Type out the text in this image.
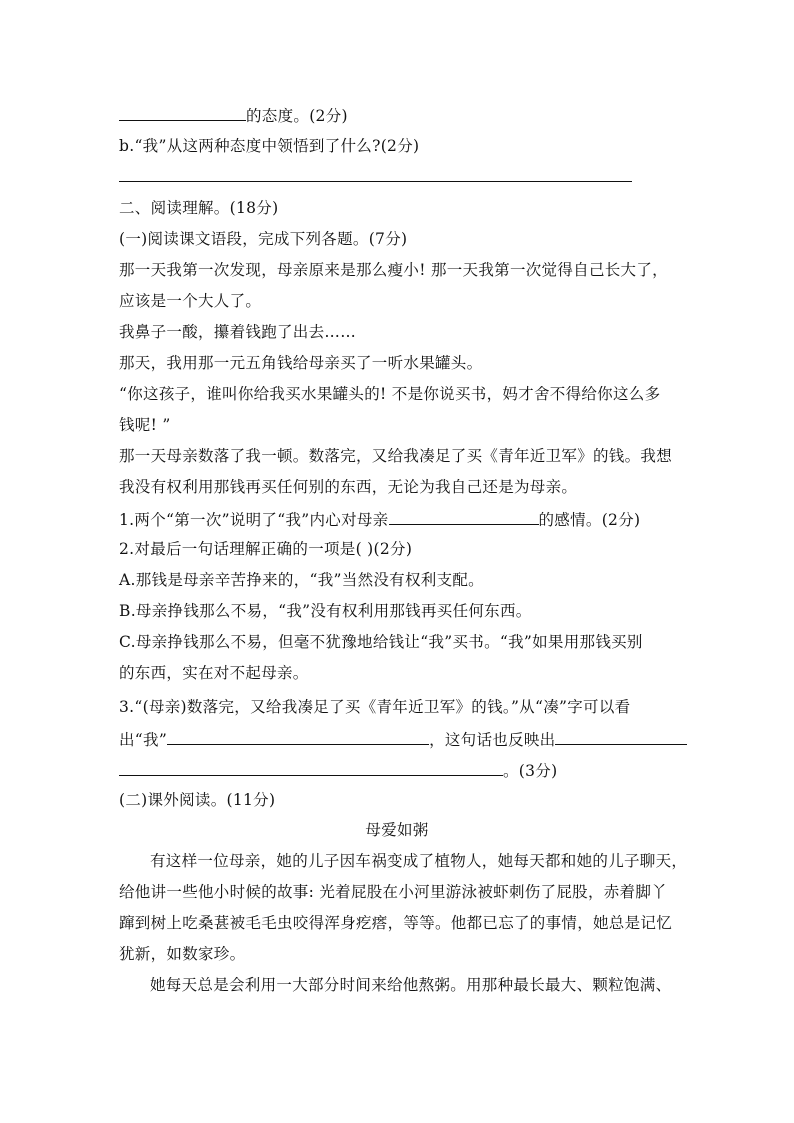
的态度。(2分)
b.“我”从这两种态度中领悟到了什么?(2分)
二、阅读理解。(18分)
(一)阅读课文语段，完成下列各题。(7分)
那一天我第一次发现，母亲原来是那么瘦小! 那一天我第一次觉得自己长大了，
应该是一个大人了。
我鼻子一酸，攥着钱跑了出去……
那天，我用那一元五角钱给母亲买了一听水果罐头。
“你这孩子，谁叫你给我买水果罐头的! 不是你说买书，妈才舍不得给你这么多
钱呢! ”
那一天母亲数落了我一顿。数落完，又给我凑足了买《青年近卫军》的钱。我想
我没有权利用那钱再买任何别的东西，无论为我自己还是为母亲。
1.两个“第一次”说明了“我”内心对母亲	的感情。(2分)
2.对最后一句话理解正确的一项是( )(2分)
A.那钱是母亲辛苦挣来的，“我”当然没有权利支配。
B.母亲挣钱那么不易，“我”没有权利用那钱再买任何东西。
C.母亲挣钱那么不易，但毫不犹豫地给钱让“我”买书。“我”如果用那钱买别
的东西，实在对不起母亲。
3.“(母亲)数落完，又给我凑足了买《青年近卫军》的钱。”从“凑”字可以看
出“我”	，这句话也反映出
。(3分)
(二)课外阅读。(11分)
母爱如粥
有这样一位母亲，她的儿子因车祸变成了植物人，她每天都和她的儿子聊天，
给他讲一些他小时候的故事: 光着屁股在小河里游泳被虾刺伤了屁股，赤着脚丫
蹿到树上吃桑葚被毛毛虫咬得浑身疙瘩，等等。他都已忘了的事情，她总是记忆
犹新，如数家珍。
她每天总是会利用一大部分时间来给他熬粥。用那种最长最大、颗粒饱满、
